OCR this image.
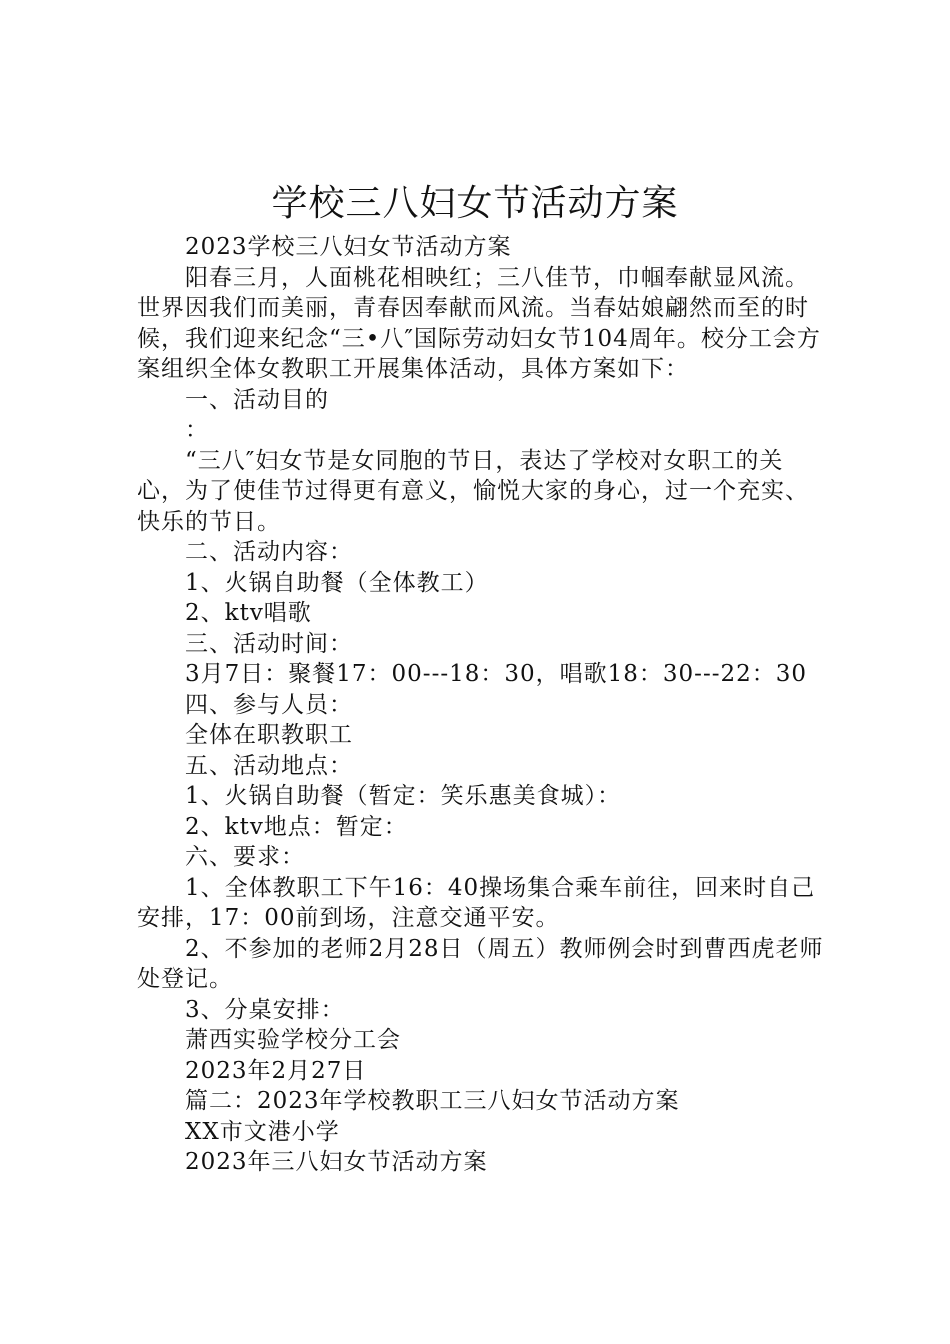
学校三八妇女节活动方案

2023学校三八妇女节活动方案

阳春三月，人面桃花相映红；三八佳节，巾帼奉献显风流。世界因我们而美丽，青春因奉献而风流。当春姑娘翩然而至的时候，我们迎来纪念“三•八″国际劳动妇女节104周年。校分工会方案组织全体女教职工开展集体活动，具体方案如下：

一、活动目的

：

“三八″妇女节是女同胞的节日，表达了学校对女职工的关心，为了使佳节过得更有意义，愉悦大家的身心，过一个充实、快乐的节日。

二、活动内容：

1、火锅自助餐（全体教工）

2、ktv唱歌

三、活动时间：

3月7日：聚餐17：00---18：30，唱歌18：30---22：30

四、参与人员：

全体在职教职工

五、活动地点：

1、火锅自助餐（暂定：笑乐惠美食城）：

2、ktv地点：暂定：

六、要求：

1、全体教职工下午16：40操场集合乘车前往，回来时自己安排，17：00前到场，注意交通平安。

2、不参加的老师2月28日（周五）教师例会时到曹西虎老师处登记。

3、分桌安排：

萧西实验学校分工会

2023年2月27日

篇二：2023年学校教职工三八妇女节活动方案

XX市文港小学

2023年三八妇女节活动方案
